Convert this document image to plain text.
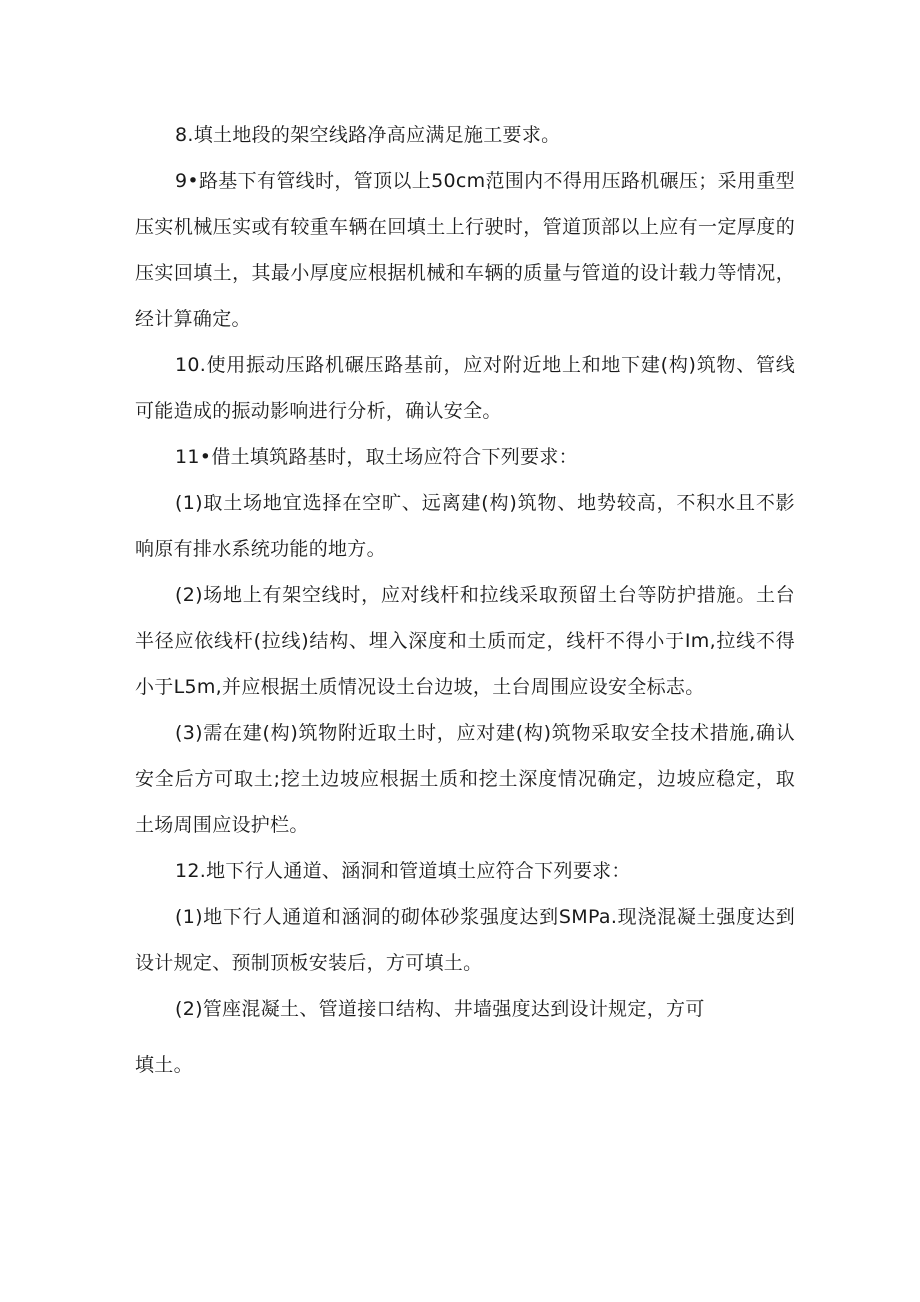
8.填土地段的架空线路净高应满足施工要求。

9•路基下有管线时，管顶以上50cm范围内不得用压路机碾压；采用重型压实机械压实或有较重车辆在回填土上行驶时，管道顶部以上应有一定厚度的压实回填土，其最小厚度应根据机械和车辆的质量与管道的设计载力等情况，经计算确定。

10.使用振动压路机碾压路基前，应对附近地上和地下建(构)筑物、管线可能造成的振动影响进行分析，确认安全。

11•借土填筑路基时，取土场应符合下列要求：

(1)取土场地宜选择在空旷、远离建(构)筑物、地势较高，不积水且不影响原有排水系统功能的地方。

(2)场地上有架空线时，应对线杆和拉线采取预留土台等防护措施。土台半径应依线杆(拉线)结构、埋入深度和土质而定，线杆不得小于Im,拉线不得小于L5m,并应根据土质情况设土台边坡，土台周围应设安全标志。

(3)需在建(构)筑物附近取土时，应对建(构)筑物采取安全技术措施,确认安全后方可取土;挖土边坡应根据土质和挖土深度情况确定，边坡应稳定，取土场周围应设护栏。

12.地下行人通道、涵洞和管道填土应符合下列要求：

(1)地下行人通道和涵洞的砌体砂浆强度达到SMPa.现浇混凝土强度达到设计规定、预制顶板安装后，方可填土。

(2)管座混凝土、管道接口结构、井墙强度达到设计规定，方可

填土。
